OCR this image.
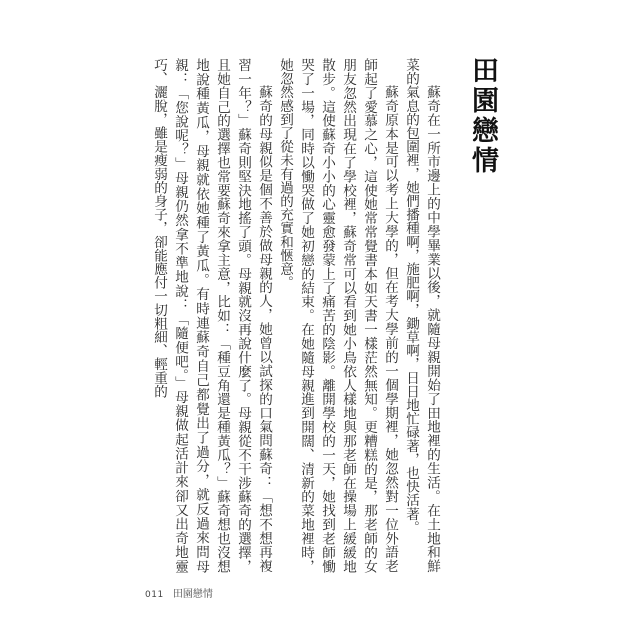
田園戀情

蘇奇在一所市邊上的中學畢業以後，就隨母親開始了田地裡的生活。在土地和鮮菜的氣息的包圍裡，她們播種啊，施肥啊，鋤草啊，日日地忙碌著，也快活著。

蘇奇原本是可以考上大學的，但在考大學前的一個學期裡，她忽然對一位外語老師起了愛慕之心，這使她常常覺書本如天書一樣茫然無知。更糟糕的是，那老師的女朋友忽然出現在了學校裡，蘇奇常可以看到她小鳥依人樣地與那老師在操場上緩緩地散步。這使蘇奇小小的心靈愈發蒙上了痛苦的陰影。離開學校的一天，她找到老師慟哭了一場，同時以慟哭做了她初戀的結束。在她隨母親進到開闊、清新的菜地裡時，她忽然感到了從未有過的充實和愜意。

蘇奇的母親似是個不善於做母親的人，她曾以試探的口氣問蘇奇：「想不想再複習一年？」蘇奇則堅決地搖了頭。母親就沒再說什麼了。母親從不干涉蘇奇的選擇，且她自己的選擇也常要蘇奇來拿主意，比如：「種豆角還是種黃瓜？」蘇奇想也沒想地說種黃瓜，母親就依她種了黃瓜。有時連蘇奇自己都覺出了過分，就反過來問母親：「您說呢？」母親仍然拿不準地說：「隨便吧。」母親做起活計來卻又出奇地靈巧、灑脫，雖是瘦弱的身子，卻能應付一切粗細、輕重的

011 田園戀情
